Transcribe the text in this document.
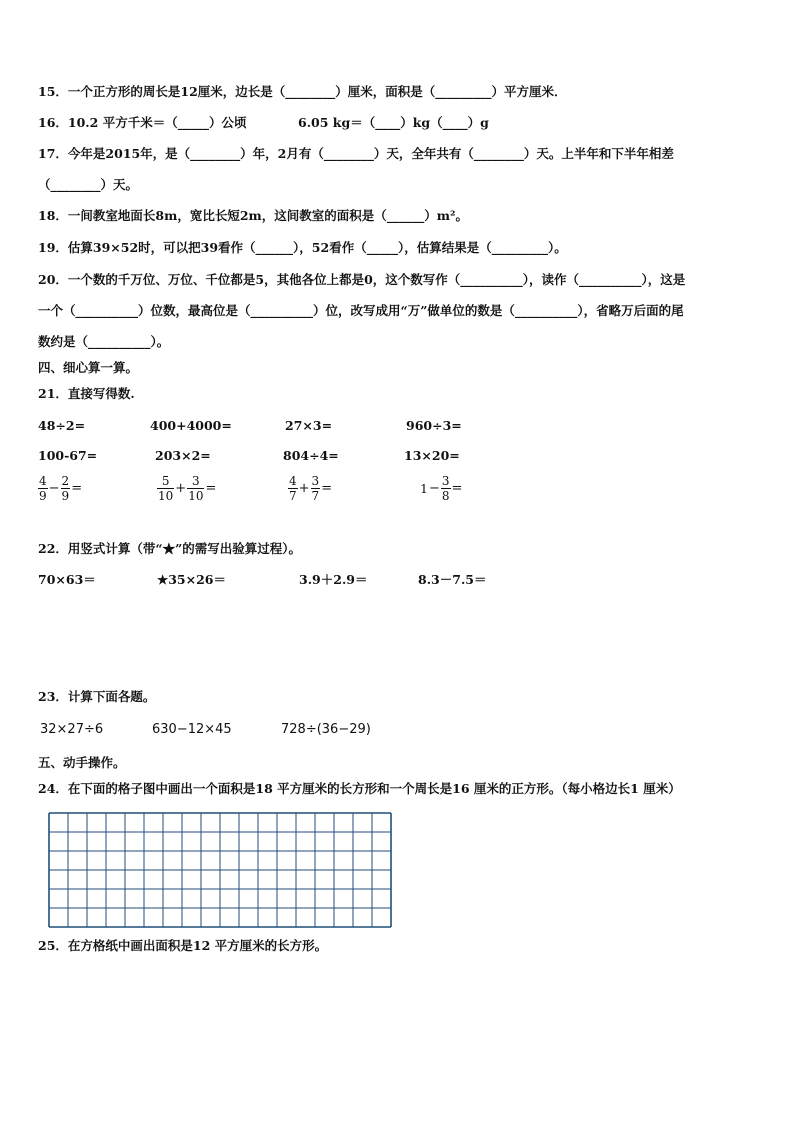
15．一个正方形的周长是12厘米，边长是（________）厘米，面积是（_________）平方厘米．
16．10.2 平方千米＝（_____）公顷	6.05 kg＝（____）kg（____）g
17．今年是2015年，是（________）年，2月有（________）天，全年共有（________）天。上半年和下半年相差
（________）天。
18．一间教室地面长8m，宽比长短2m，这间教室的面积是（______）m²。
19．估算39×52时，可以把39看作（______），52看作（_____），估算结果是（_________）。
20．一个数的千万位、万位、千位都是5，其他各位上都是0，这个数写作（__________），读作（__________），这是
一个（__________）位数，最高位是（__________）位，改写成用“万”做单位的数是（__________），省略万后面的尾
数约是（__________）。
四、细心算一算。
21．直接写得数.
48÷2=	400+4000=	27×3=	960÷3=
100-67=	203×2=	804÷4=	13×20=
$\frac{4}{9} - \frac{2}{9}$ =	$\frac{5}{10} + \frac{3}{10}$ =	$\frac{4}{7} + \frac{3}{7}$ =	$1- \frac{3}{8}$ =
22．用竖式计算（带“★”的需写出验算过程）。
70×63＝	★35×26＝	3.9＋2.9＝	8.3－7.5＝
23．计算下面各题。
32×27÷6	630−12×45	728÷(36−29)
五、动手操作。
24．在下面的格子图中画出一个面积是18 平方厘米的长方形和一个周长是16 厘米的正方形。（每小格边长1 厘米）
25．在方格纸中画出面积是12 平方厘米的长方形。
